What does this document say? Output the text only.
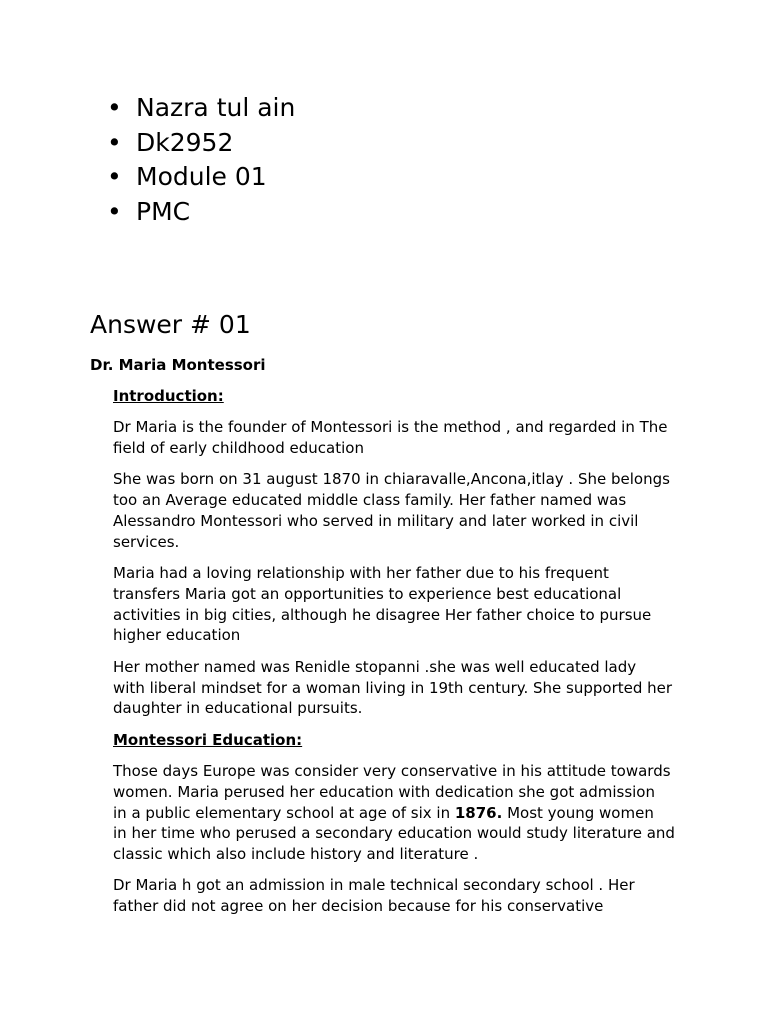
• Nazra tul ain
• Dk2952
• Module 01
• PMC
Answer # 01
Dr. Maria Montessori
Introduction:

Dr Maria is the founder of Montessori is the method , and regarded in The
field of early childhood education

She was born on 31 august 1870 in chiaravalle,Ancona,itlay . She belongs
too an Average educated middle class family. Her father named was
Alessandro Montessori who served in military and later worked in civil
services.

Maria had a loving relationship with her father due to his frequent
transfers Maria got an opportunities to experience best educational
activities in big cities, although he disagree Her father choice to pursue
higher education

Her mother named was Renidle stopanni .she was well educated lady
with liberal mindset for a woman living in 19th century. She supported her
daughter in educational pursuits.

Montessori Education:

Those days Europe was consider very conservative in his attitude towards
women. Maria perused her education with dedication she got admission
in a public elementary school at age of six in 1876. Most young women
in her time who perused a secondary education would study literature and
classic which also include history and literature .

Dr Maria h got an admission in male technical secondary school . Her
father did not agree on her decision because for his conservative
